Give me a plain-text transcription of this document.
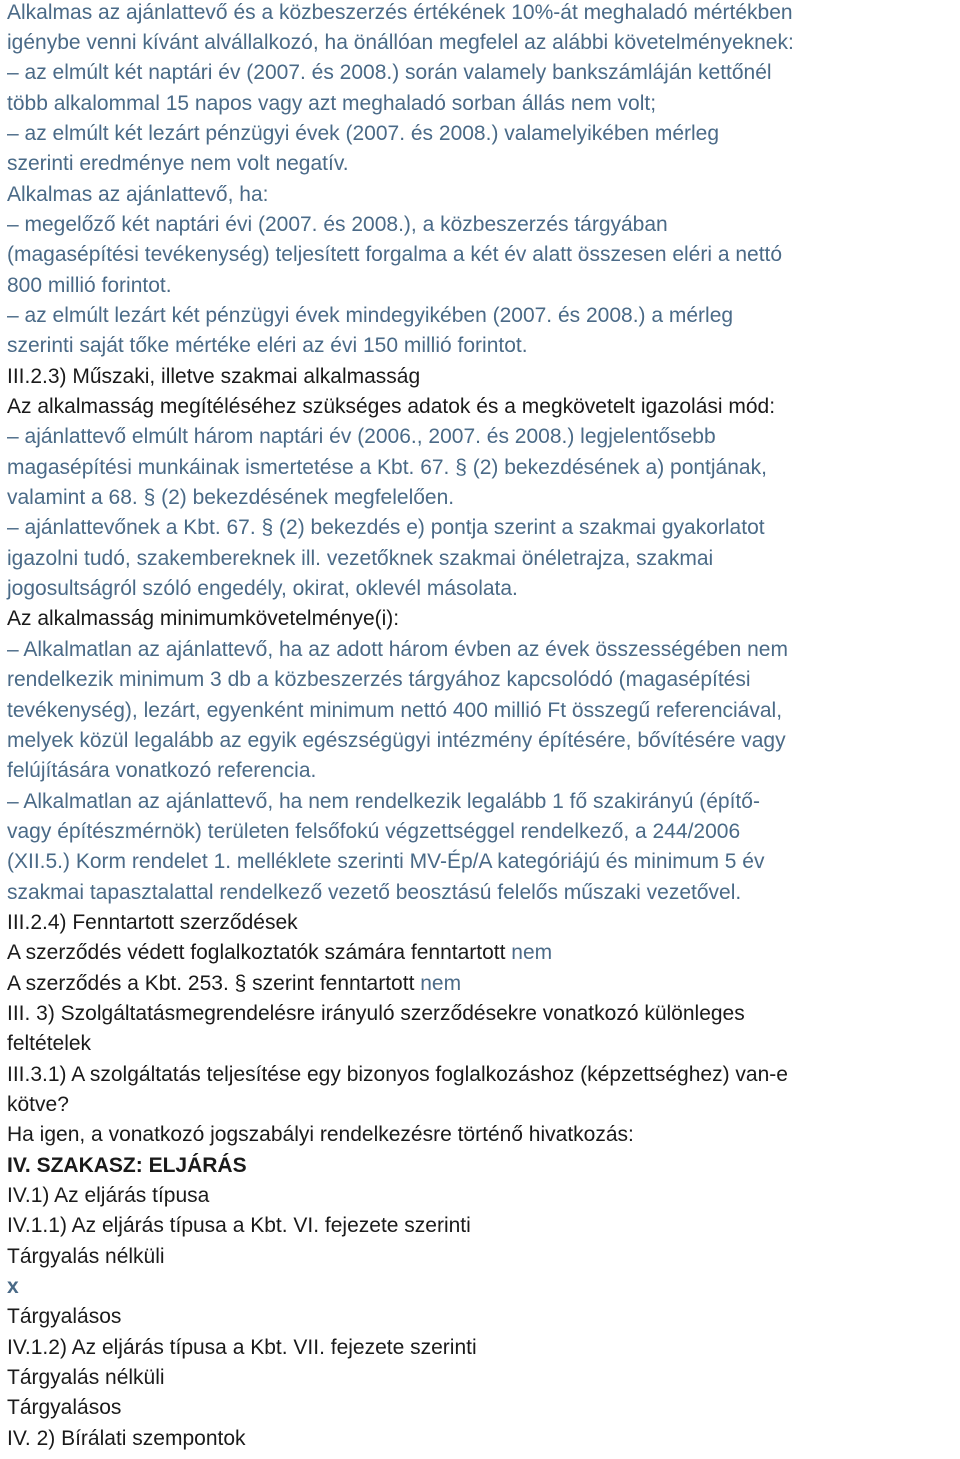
Alkalmas az ajánlattevő és a közbeszerzés értékének 10%-át meghaladó mértékben
igénybe venni kívánt alvállalkozó, ha önállóan megfelel az alábbi követelményeknek:
– az elmúlt két naptári év (2007. és 2008.) során valamely bankszámláján kettőnél
több alkalommal 15 napos vagy azt meghaladó sorban állás nem volt;
– az elmúlt két lezárt pénzügyi évek (2007. és 2008.) valamelyikében mérleg
szerinti eredménye nem volt negatív.
Alkalmas az ajánlattevő, ha:
– megelőző két naptári évi (2007. és 2008.), a közbeszerzés tárgyában
(magasépítési tevékenység) teljesített forgalma a két év alatt összesen eléri a nettó
800 millió forintot.
– az elmúlt lezárt két pénzügyi évek mindegyikében (2007. és 2008.) a mérleg
szerinti saját tőke mértéke eléri az évi 150 millió forintot.
III.2.3) Műszaki, illetve szakmai alkalmasság
Az alkalmasság megítéléséhez szükséges adatok és a megkövetelt igazolási mód:
– ajánlattevő elmúlt három naptári év (2006., 2007. és 2008.) legjelentősebb
magasépítési munkáinak ismertetése a Kbt. 67. § (2) bekezdésének a) pontjának,
valamint a 68. § (2) bekezdésének megfelelően.
– ajánlattevőnek a Kbt. 67. § (2) bekezdés e) pontja szerint a szakmai gyakorlatot
igazolni tudó, szakembereknek ill. vezetőknek szakmai önéletrajza, szakmai
jogosultságról szóló engedély, okirat, oklevél másolata.
Az alkalmasság minimumkövetelménye(i):
– Alkalmatlan az ajánlattevő, ha az adott három évben az évek összességében nem
rendelkezik minimum 3 db a közbeszerzés tárgyához kapcsolódó (magasépítési
tevékenység), lezárt, egyenként minimum nettó 400 millió Ft összegű referenciával,
melyek közül legalább az egyik egészségügyi intézmény építésére, bővítésére vagy
felújítására vonatkozó referencia.
– Alkalmatlan az ajánlattevő, ha nem rendelkezik legalább 1 fő szakirányú (építő-
vagy építészmérnök) területen felsőfokú végzettséggel rendelkező, a 244/2006
(XII.5.) Korm rendelet 1. melléklete szerinti MV-Ép/A kategóriájú és minimum 5 év
szakmai tapasztalattal rendelkező vezető beosztású felelős műszaki vezetővel.
III.2.4) Fenntartott szerződések
A szerződés védett foglalkoztatók számára fenntartott nem
A szerződés a Kbt. 253. § szerint fenntartott nem
III. 3) Szolgáltatásmegrendelésre irányuló szerződésekre vonatkozó különleges
feltételek
III.3.1) A szolgáltatás teljesítése egy bizonyos foglalkozáshoz (képzettséghez) van-e
kötve?
Ha igen, a vonatkozó jogszabályi rendelkezésre történő hivatkozás:
IV. SZAKASZ: ELJÁRÁS
IV.1) Az eljárás típusa
IV.1.1) Az eljárás típusa a Kbt. VI. fejezete szerinti
Tárgyalás nélküli
x
Tárgyalásos
IV.1.2) Az eljárás típusa a Kbt. VII. fejezete szerinti
Tárgyalás nélküli
Tárgyalásos
IV. 2) Bírálati szempontok
